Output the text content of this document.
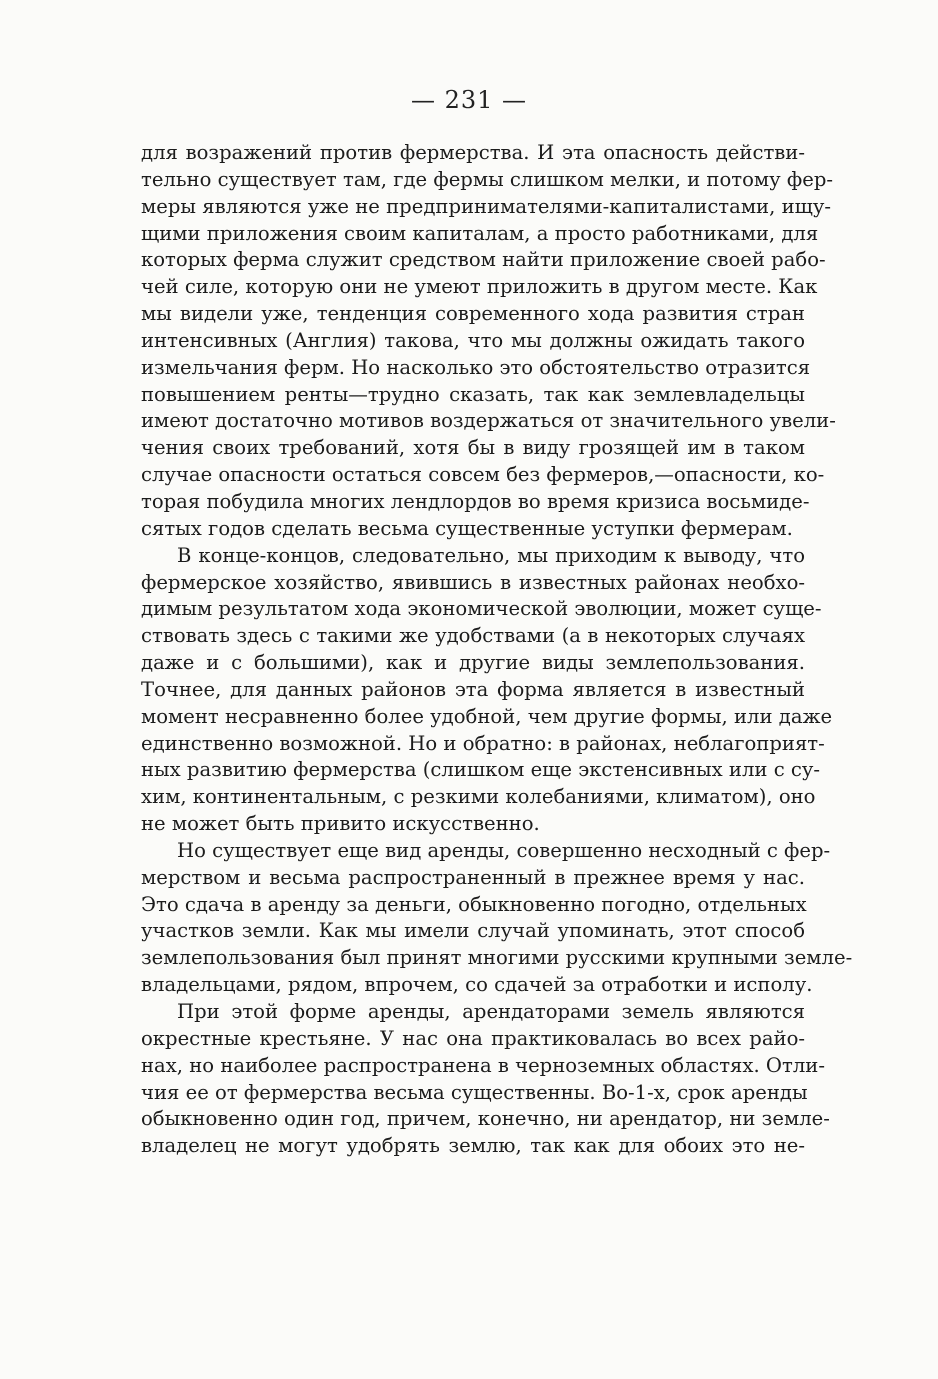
— 231 —
для возражений против фермерства. И эта опасность действи-
тельно существует там, где фермы слишком мелки, и потому фер-
меры являются уже не предпринимателями-капиталистами, ищу-
щими приложения своим капиталам, а просто работниками, для
которых ферма служит средством найти приложение своей рабо-
чей силе, которую они не умеют приложить в другом месте. Как
мы видели уже, тенденция современного хода развития стран
интенсивных (Англия) такова, что мы должны ожидать такого
измельчания ферм. Но насколько это обстоятельство отразится
повышением ренты—трудно сказать, так как землевладельцы
имеют достаточно мотивов воздержаться от значительного увели-
чения своих требований, хотя бы в виду грозящей им в таком
случае опасности остаться совсем без фермеров,—опасности, ко-
торая побудила многих лендлордов во время кризиса восьмиде-
сятых годов сделать весьма существенные уступки фермерам.
В конце-концов, следовательно, мы приходим к выводу, что
фермерское хозяйство, явившись в известных районах необхо-
димым результатом хода экономической эволюции, может суще-
ствовать здесь с такими же удобствами (а в некоторых случаях
даже и с большими), как и другие виды землепользования.
Точнее, для данных районов эта форма является в известный
момент несравненно более удобной, чем другие формы, или даже
единственно возможной. Но и обратно: в районах, неблагоприят-
ных развитию фермерства (слишком еще экстенсивных или с су-
хим, континентальным, с резкими колебаниями, климатом), оно
не может быть привито искусственно.
Но существует еще вид аренды, совершенно несходный с фер-
мерством и весьма распространенный в прежнее время у нас.
Это сдача в аренду за деньги, обыкновенно погодно, отдельных
участков земли. Как мы имели случай упоминать, этот способ
землепользования был принят многими русскими крупными земле-
владельцами, рядом, впрочем, со сдачей за отработки и исполу.
При этой форме аренды, арендаторами земель являются
окрестные крестьяне. У нас она практиковалась во всех райо-
нах, но наиболее распространена в черноземных областях. Отли-
чия ее от фермерства весьма существенны. Во-1-х, срок аренды
обыкновенно один год, причем, конечно, ни арендатор, ни земле-
владелец не могут удобрять землю, так как для обоих это не-
